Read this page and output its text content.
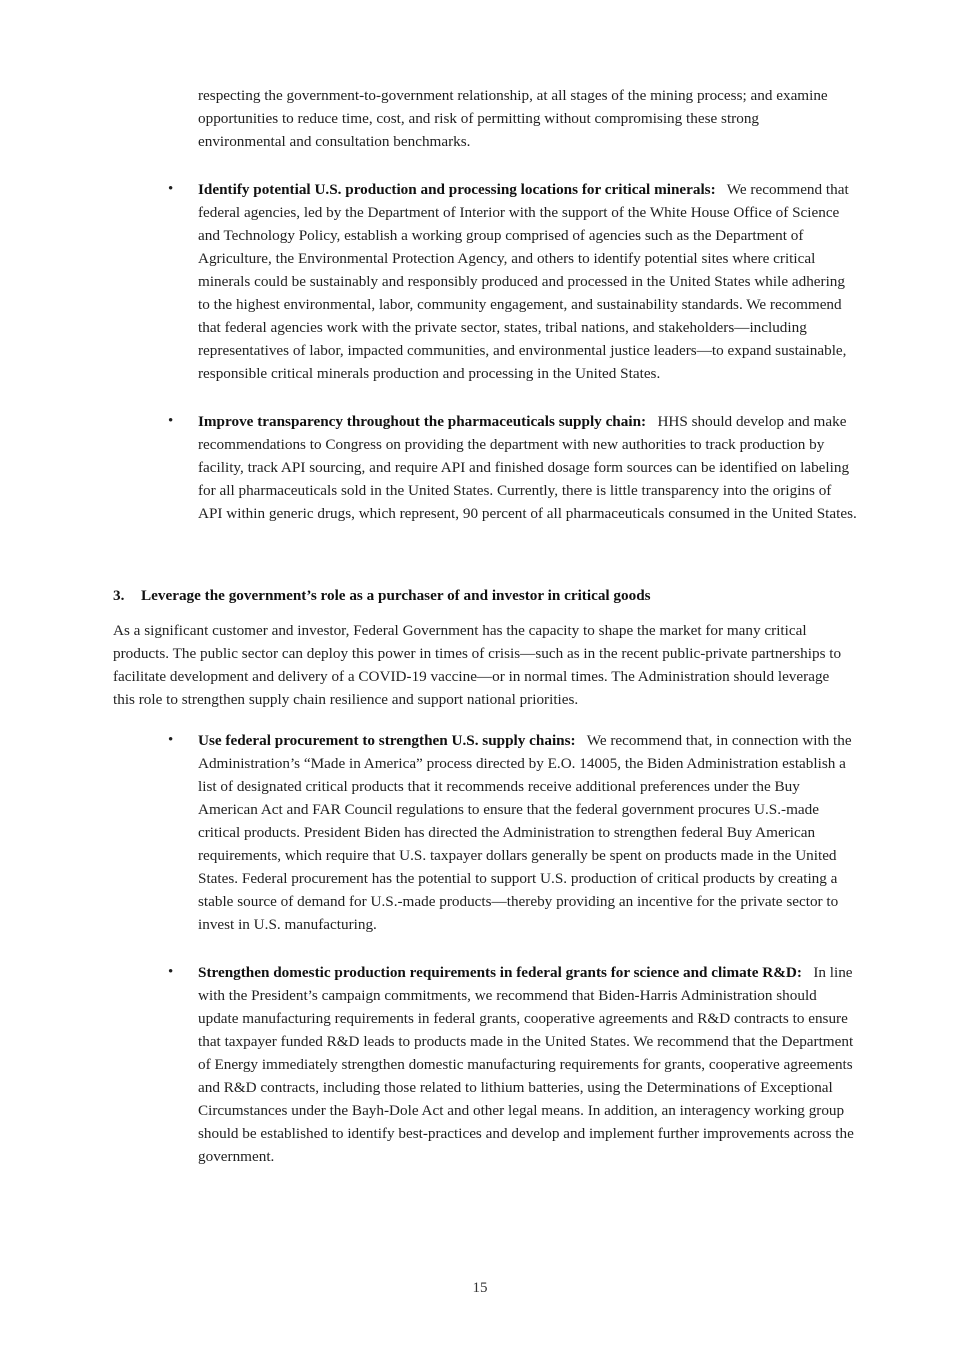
respecting the government-to-government relationship, at all stages of the mining process; and examine opportunities to reduce time, cost, and risk of permitting without compromising these strong environmental and consultation benchmarks.

•	Identify potential U.S. production and processing locations for critical minerals:   We recommend that federal agencies, led by the Department of Interior with the support of the White House Office of Science and Technology Policy, establish a working group comprised of agencies such as the Department of Agriculture, the Environmental Protection Agency, and others to identify potential sites where critical minerals could be sustainably and responsibly produced and processed in the United States while adhering to the highest environmental, labor, community engagement, and sustainability standards. We recommend that federal agencies work with the private sector, states, tribal nations, and stakeholders—including representatives of labor, impacted communities, and environmental justice leaders—to expand sustainable, responsible critical minerals production and processing in the United States.
•	Improve transparency throughout the pharmaceuticals supply chain:   HHS should develop and make recommendations to Congress on providing the department with new authorities to track production by facility, track API sourcing, and require API and finished dosage form sources can be identified on labeling for all pharmaceuticals sold in the United States. Currently, there is little transparency into the origins of API within generic drugs, which represent, 90 percent of all pharmaceuticals consumed in the United States.
3. Leverage the government’s role as a purchaser of and investor in critical goods

As a significant customer and investor, Federal Government has the capacity to shape the market for many critical products. The public sector can deploy this power in times of crisis—such as in the recent public-private partnerships to facilitate development and delivery of a COVID-19 vaccine—or in normal times. The Administration should leverage this role to strengthen supply chain resilience and support national priorities.

•	Use federal procurement to strengthen U.S. supply chains:   We recommend that, in connection with the Administration’s “Made in America” process directed by E.O. 14005, the Biden Administration establish a list of designated critical products that it recommends receive additional preferences under the Buy American Act and FAR Council regulations to ensure that the federal government procures U.S.-made critical products. President Biden has directed the Administration to strengthen federal Buy American requirements, which require that U.S. taxpayer dollars generally be spent on products made in the United States. Federal procurement has the potential to support U.S. production of critical products by creating a stable source of demand for U.S.-made products—thereby providing an incentive for the private sector to invest in U.S. manufacturing.
•	Strengthen domestic production requirements in federal grants for science and climate R&D:   In line with the President’s campaign commitments, we recommend that Biden-Harris Administration should update manufacturing requirements in federal grants, cooperative agreements and R&D contracts to ensure that taxpayer funded R&D leads to products made in the United States. We recommend that the Department of Energy immediately strengthen domestic manufacturing requirements for grants, cooperative agreements and R&D contracts, including those related to lithium batteries, using the Determinations of Exceptional Circumstances under the Bayh-Dole Act and other legal means. In addition, an interagency working group should be established to identify best-practices and develop and implement further improvements across the government.

15
